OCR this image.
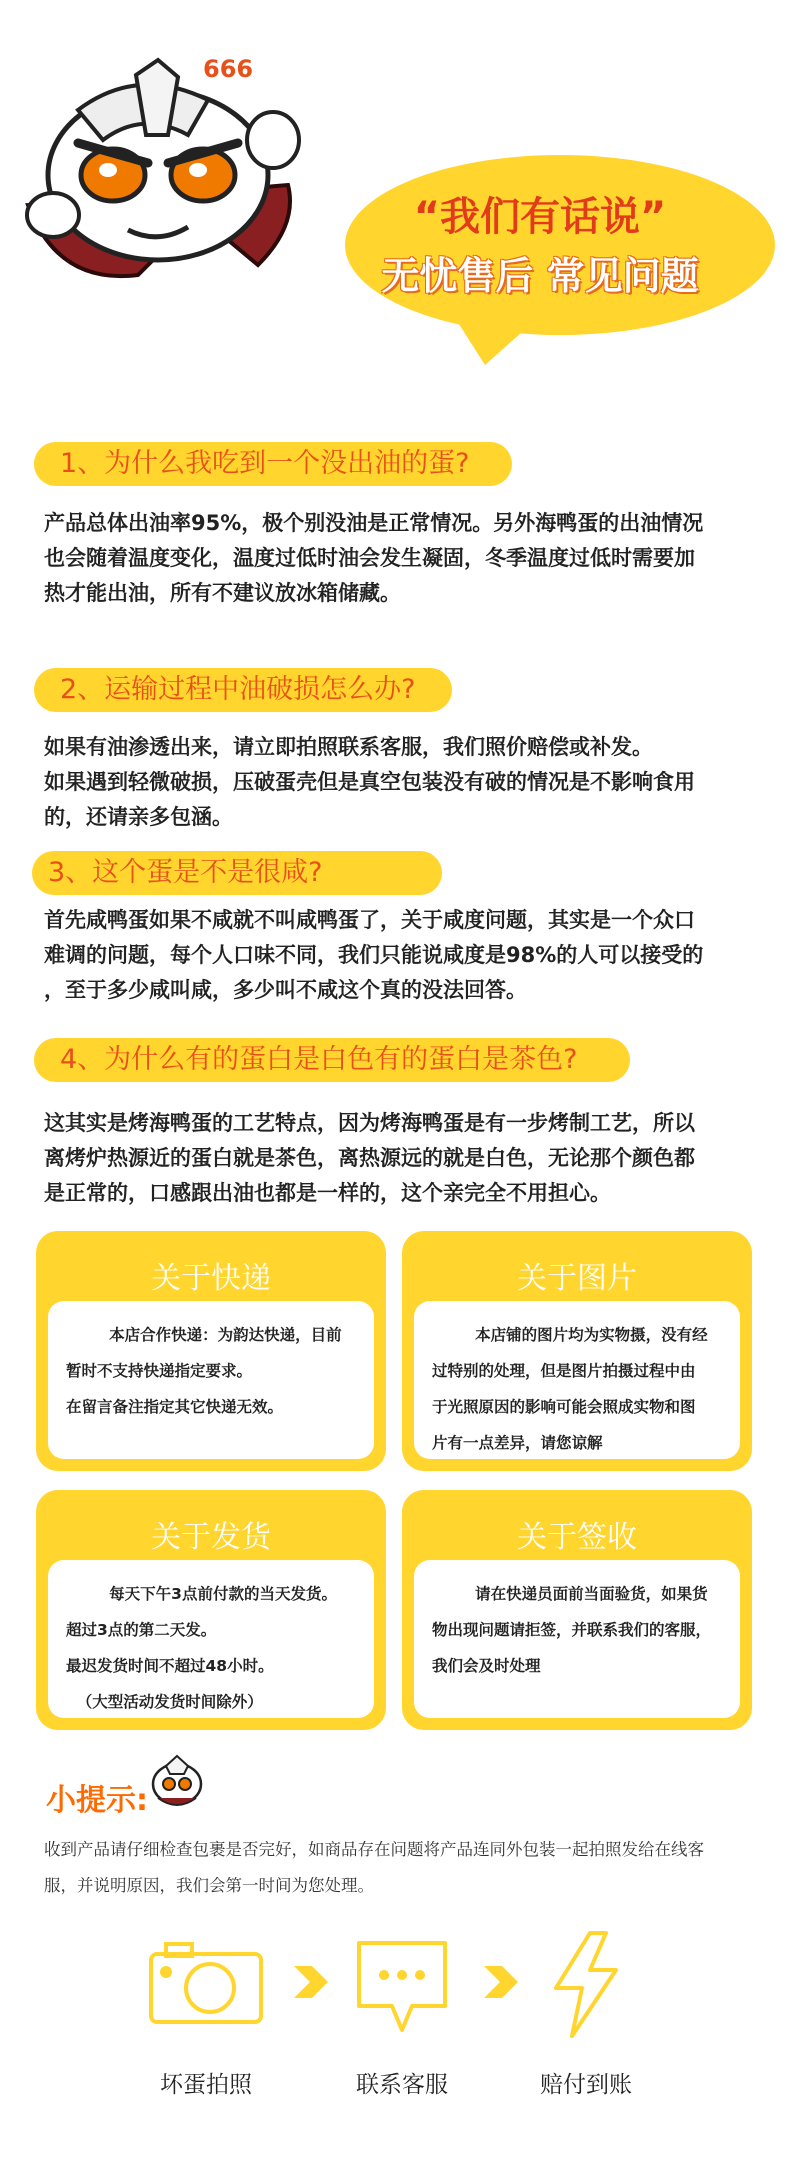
666
“我们有话说”
无忧售后 常见问题
1、为什么我吃到一个没出油的蛋?
产品总体出油率95%，极个别没油是正常情况。另外海鸭蛋的出油情况
也会随着温度变化，温度过低时油会发生凝固，冬季温度过低时需要加
热才能出油，所有不建议放冰箱储藏。
2、运输过程中油破损怎么办?
如果有油渗透出来，请立即拍照联系客服，我们照价赔偿或补发。
如果遇到轻微破损，压破蛋壳但是真空包装没有破的情况是不影响食用
的，还请亲多包涵。
3、这个蛋是不是很咸?
首先咸鸭蛋如果不咸就不叫咸鸭蛋了，关于咸度问题，其实是一个众口
难调的问题，每个人口味不同，我们只能说咸度是98%的人可以接受的
，至于多少咸叫咸，多少叫不咸这个真的没法回答。
4、为什么有的蛋白是白色有的蛋白是茶色?
这其实是烤海鸭蛋的工艺特点，因为烤海鸭蛋是有一步烤制工艺，所以
离烤炉热源近的蛋白就是茶色，离热源远的就是白色，无论那个颜色都
是正常的，口感跟出油也都是一样的，这个亲完全不用担心。
关于快递

本店合作快递：为韵达快递，目前

暂时不支持快递指定要求。

在留言备注指定其它快递无效。

关于图片

本店铺的图片均为实物摄，没有经

过特别的处理，但是图片拍摄过程中由

于光照原因的影响可能会照成实物和图

片有一点差异，请您谅解

关于发货

每天下午3点前付款的当天发货。

超过3点的第二天发。

最迟发货时间不超过48小时。

（大型活动发货时间除外）

关于签收

请在快递员面前当面验货，如果货

物出现问题请拒签，并联系我们的客服，

我们会及时处理

小提示:
收到产品请仔细检查包裹是否完好，如商品存在问题将产品连同外包装一起拍照发给在线客
服，并说明原因，我们会第一时间为您处理。
坏蛋拍照	联系客服	赔付到账
